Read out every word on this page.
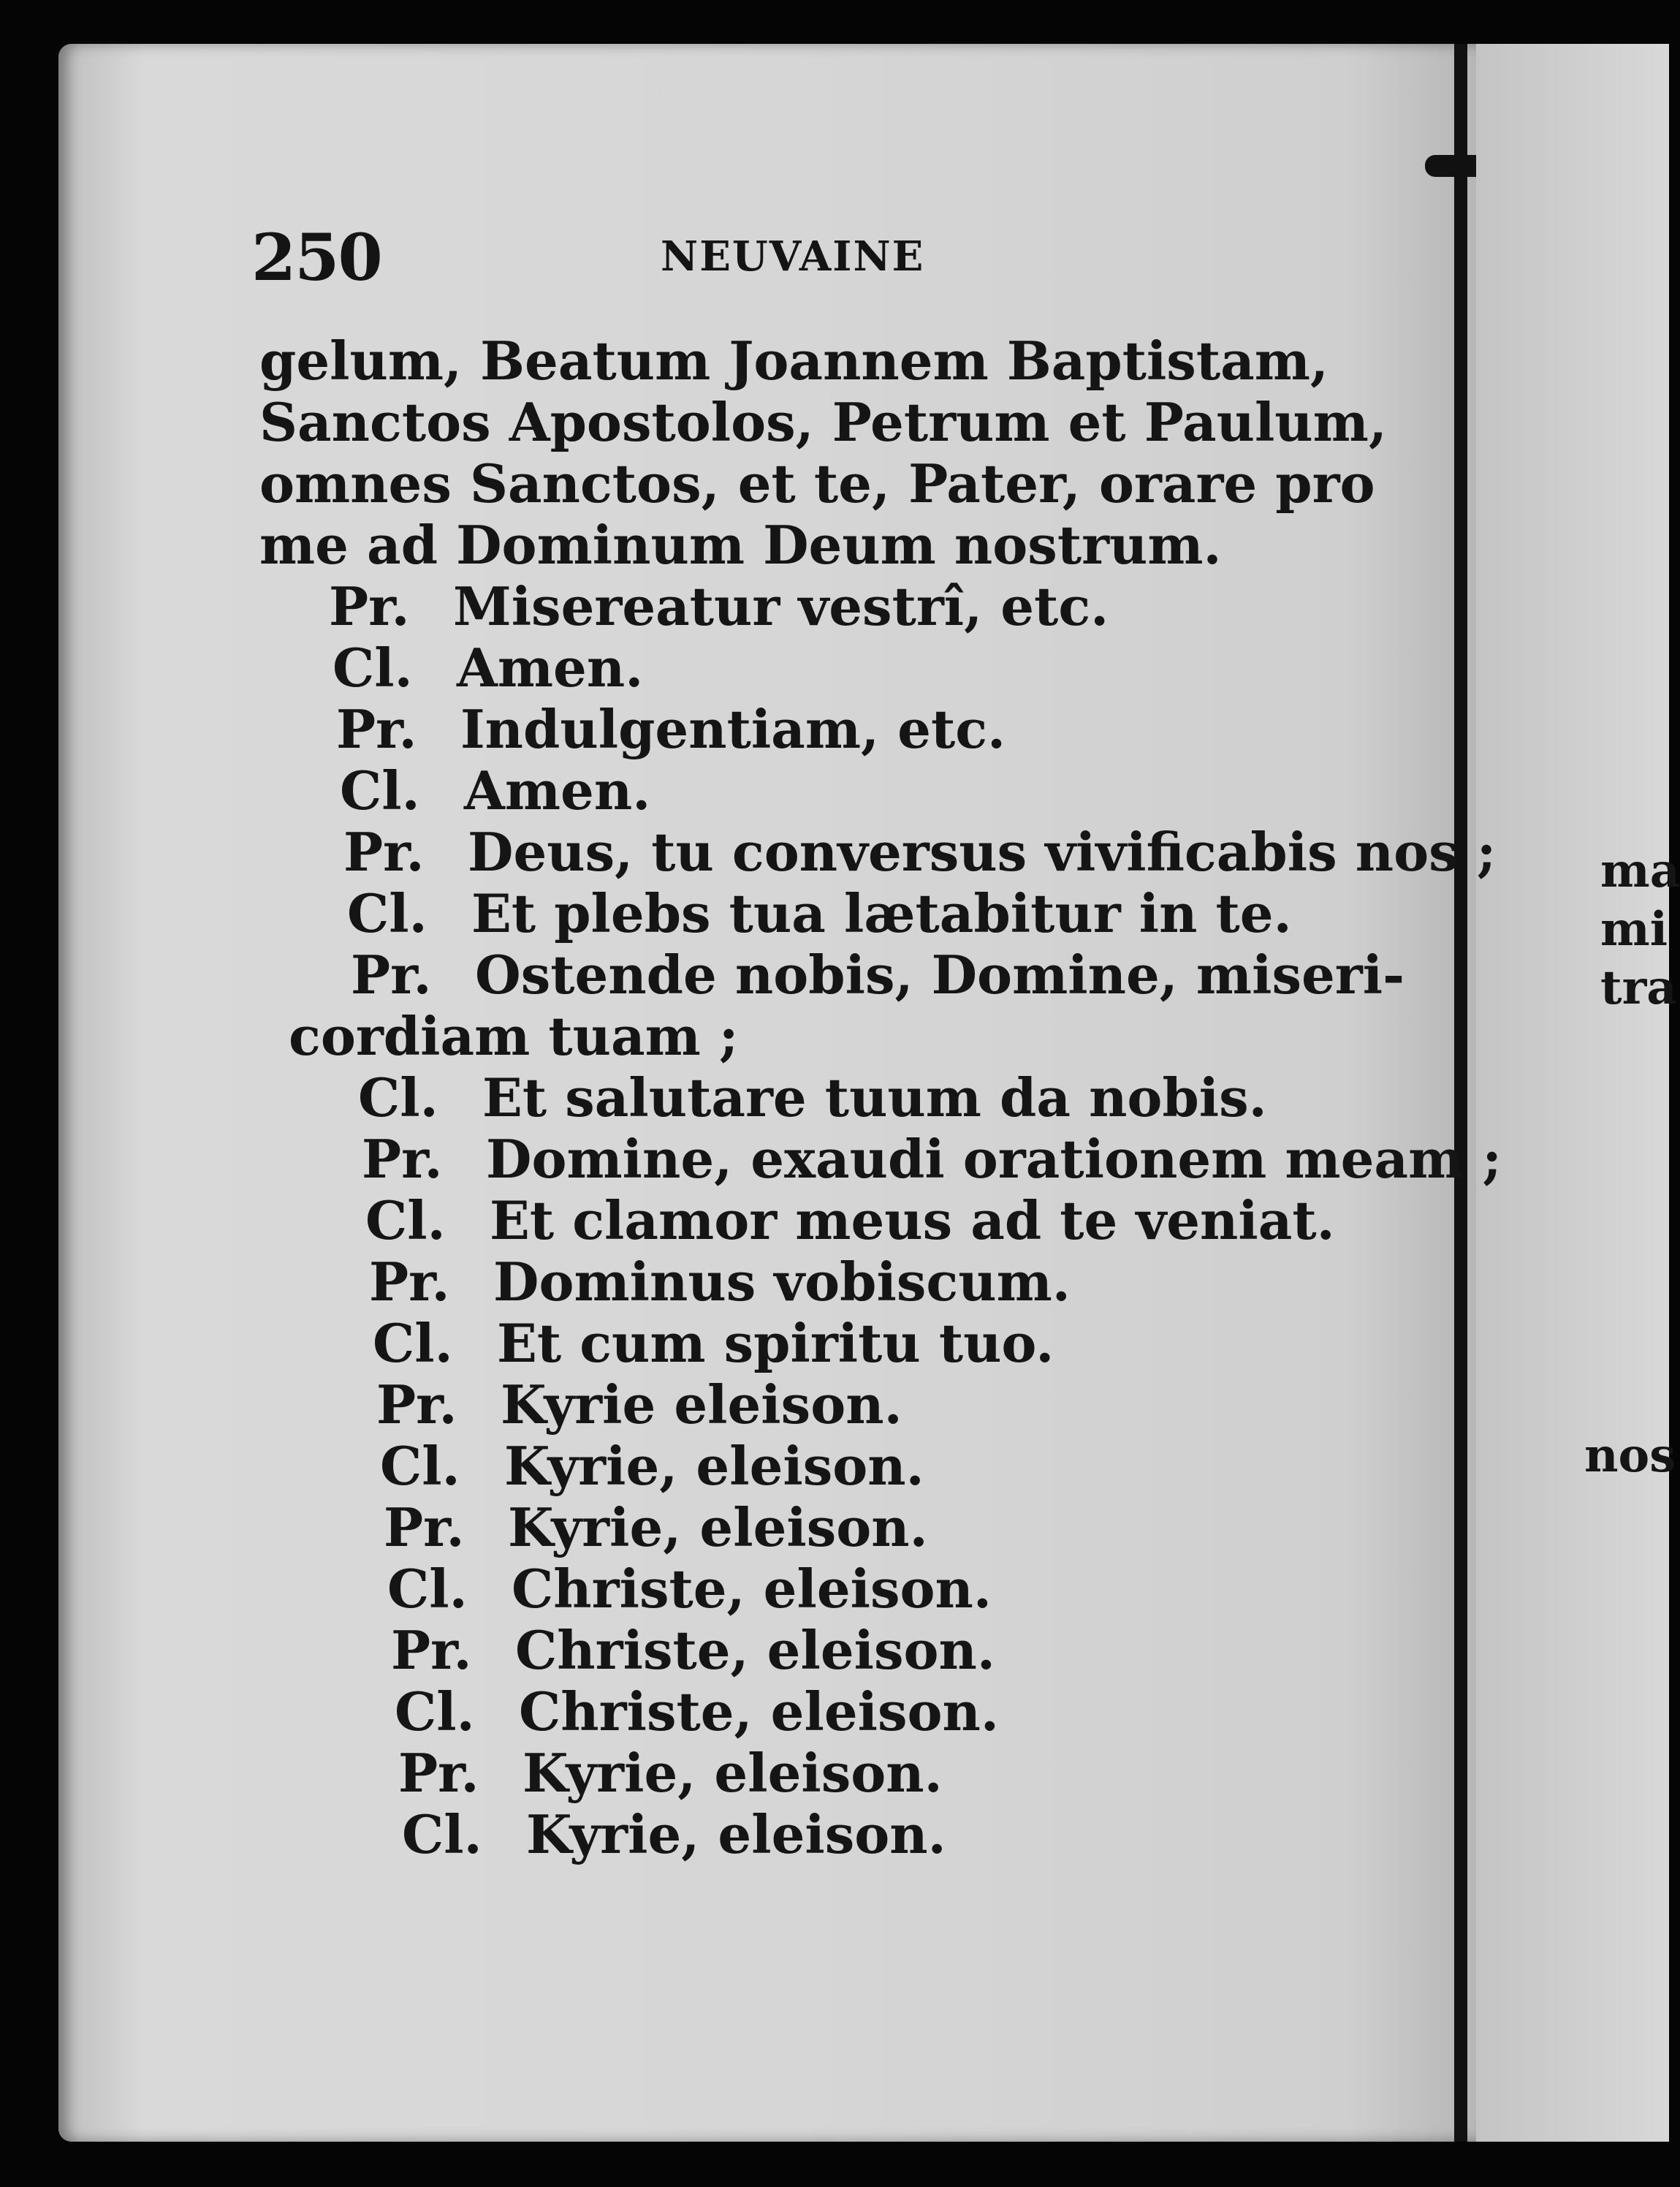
ma
mi
tra
nos
250	NEUVAINE
gelum, Beatum Joannem Baptistam,
Sanctos Apostolos, Petrum et Paulum,
omnes Sanctos, et te, Pater, orare pro
me ad Dominum Deum nostrum.
Pr. Misereatur vestrî, etc.
Cl. Amen.
Pr. Indulgentiam, etc.
Cl. Amen.
Pr. Deus, tu conversus vivificabis nos ;
Cl. Et plebs tua lætabitur in te.
Pr. Ostende nobis, Domine, miseri-
cordiam tuam ;
Cl. Et salutare tuum da nobis.
Pr. Domine, exaudi orationem meam ;
Cl. Et clamor meus ad te veniat.
Pr. Dominus vobiscum.
Cl. Et cum spiritu tuo.
Pr. Kyrie eleison.
Cl. Kyrie, eleison.
Pr. Kyrie, eleison.
Cl. Christe, eleison.
Pr. Christe, eleison.
Cl. Christe, eleison.
Pr. Kyrie, eleison.
Cl. Kyrie, eleison.
